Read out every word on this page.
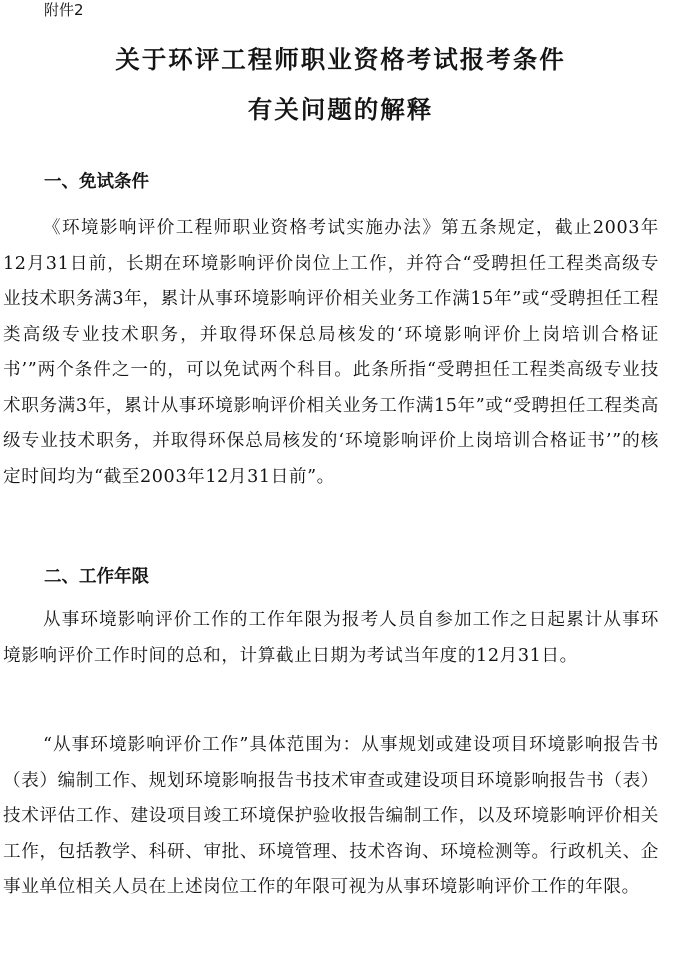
附件2
关于环评工程师职业资格考试报考条件
有关问题的解释
一、免试条件

《环境影响评价工程师职业资格考试实施办法》第五条规定，截止2003年12月31日前，长期在环境影响评价岗位上工作，并符合“受聘担任工程类高级专业技术职务满3年，累计从事环境影响评价相关业务工作满15年”或“受聘担任工程类高级专业技术职务，并取得环保总局核发的‘环境影响评价上岗培训合格证书’”两个条件之一的，可以免试两个科目。此条所指“受聘担任工程类高级专业技术职务满3年，累计从事环境影响评价相关业务工作满15年”或“受聘担任工程类高级专业技术职务，并取得环保总局核发的‘环境影响评价上岗培训合格证书’”的核定时间均为“截至2003年12月31日前”。

二、工作年限

从事环境影响评价工作的工作年限为报考人员自参加工作之日起累计从事环境影响评价工作时间的总和，计算截止日期为考试当年度的12月31日。

“从事环境影响评价工作”具体范围为：从事规划或建设项目环境影响报告书（表）编制工作、规划环境影响报告书技术审查或建设项目环境影响报告书（表）技术评估工作、建设项目竣工环境保护验收报告编制工作，以及环境影响评价相关工作，包括教学、科研、审批、环境管理、技术咨询、环境检测等。行政机关、企事业单位相关人员在上述岗位工作的年限可视为从事环境影响评价工作的年限。
